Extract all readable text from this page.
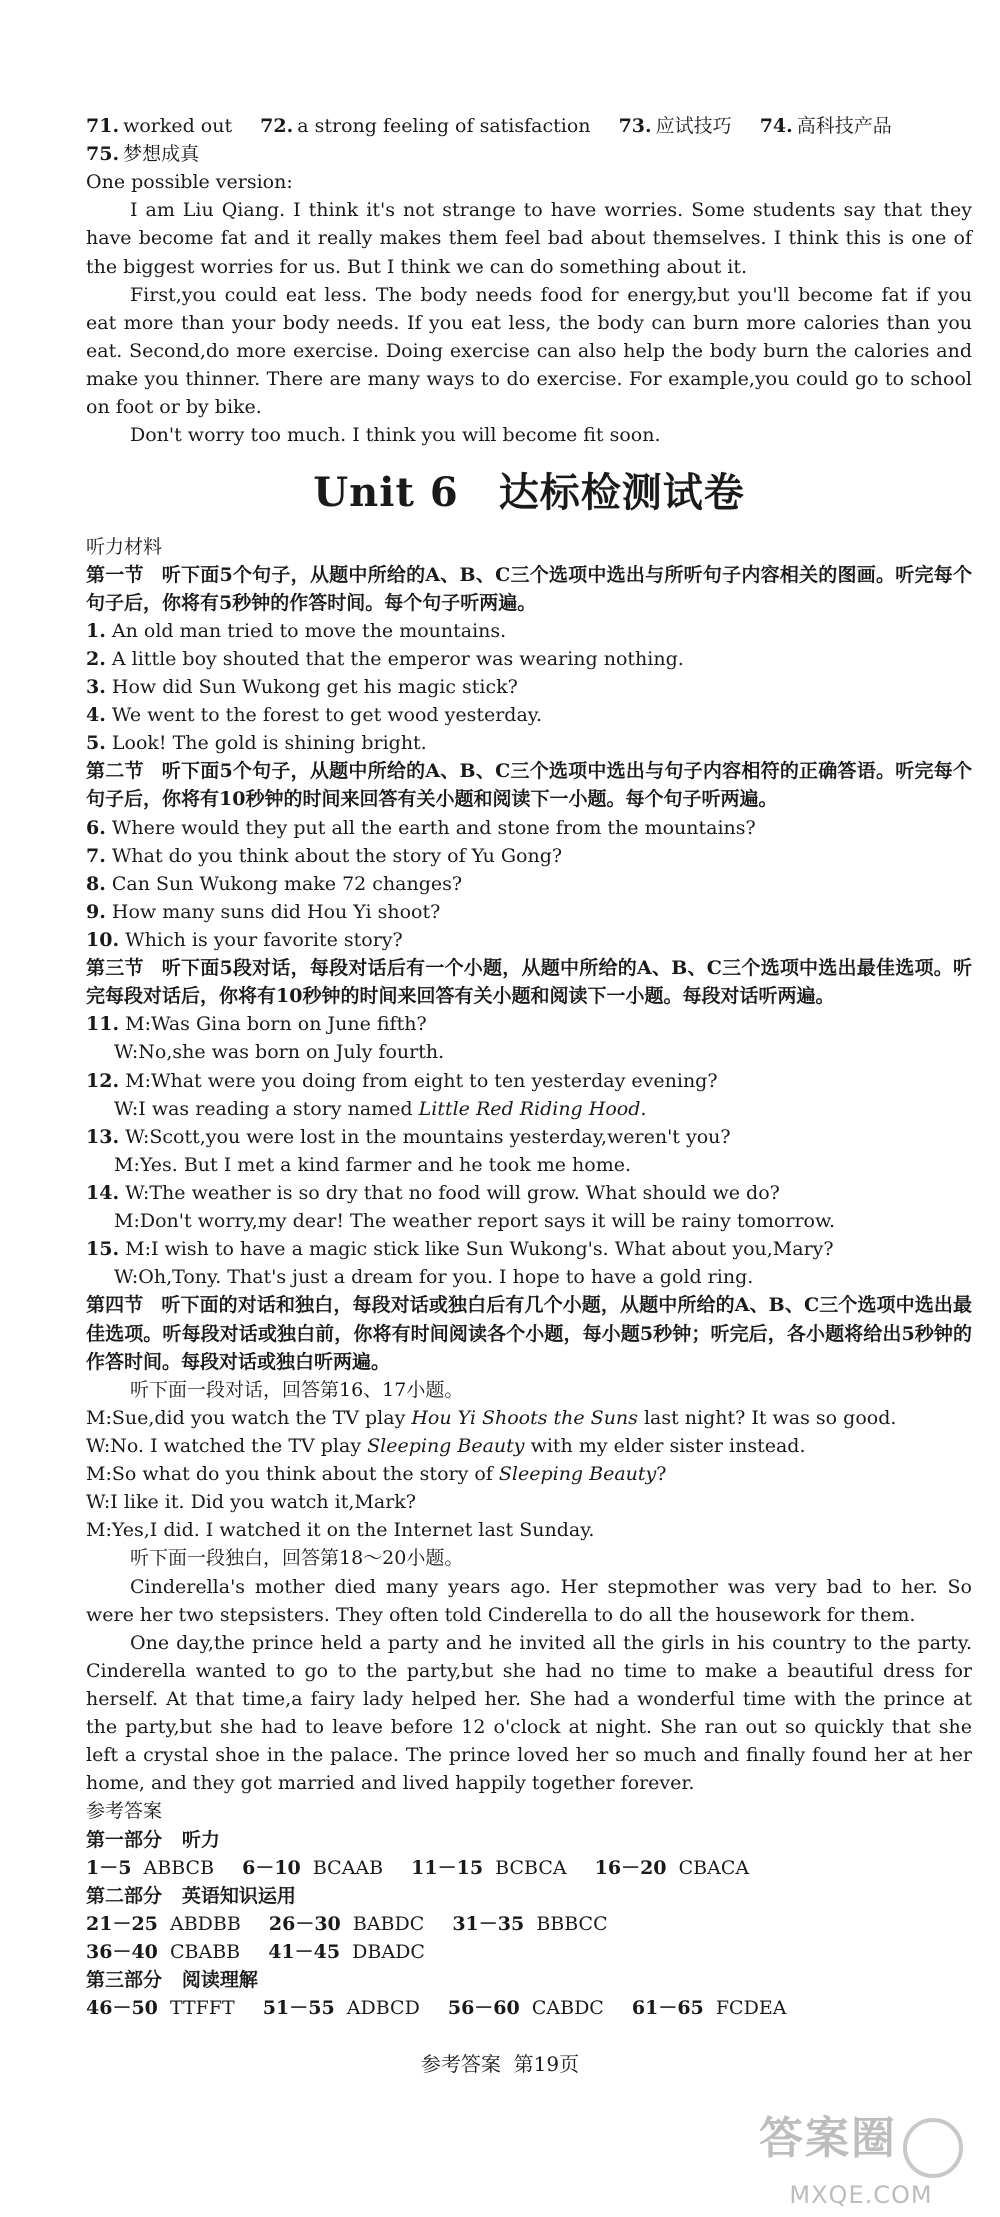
71. worked out 72. a strong feeling of satisfaction 73. 应试技巧 74. 高科技产品

75. 梦想成真

One possible version:

I am Liu Qiang. I think it's not strange to have worries. Some students say that they have become fat and it really makes them feel bad about themselves. I think this is one of the biggest worries for us. But I think we can do something about it.

First,you could eat less. The body needs food for energy,but you'll become fat if you eat more than your body needs. If you eat less, the body can burn more calories than you eat. Second,do more exercise. Doing exercise can also help the body burn the calories and make you thinner. There are many ways to do exercise. For example,you could go to school on foot or by bike.

Don't worry too much. I think you will become fit soon.

Unit 6 达标检测试卷

听力材料

第一节 听下面5个句子，从题中所给的A、B、C三个选项中选出与所听句子内容相关的图画。听完每个句子后，你将有5秒钟的作答时间。每个句子听两遍。

1. An old man tried to move the mountains.

2. A little boy shouted that the emperor was wearing nothing.

3. How did Sun Wukong get his magic stick?

4. We went to the forest to get wood yesterday.

5. Look! The gold is shining bright.

第二节 听下面5个句子，从题中所给的A、B、C三个选项中选出与句子内容相符的正确答语。听完每个句子后，你将有10秒钟的时间来回答有关小题和阅读下一小题。每个句子听两遍。

6. Where would they put all the earth and stone from the mountains?

7. What do you think about the story of Yu Gong?

8. Can Sun Wukong make 72 changes?

9. How many suns did Hou Yi shoot?

10. Which is your favorite story?

第三节 听下面5段对话，每段对话后有一个小题，从题中所给的A、B、C三个选项中选出最佳选项。听完每段对话后，你将有10秒钟的时间来回答有关小题和阅读下一小题。每段对话听两遍。

11. M:Was Gina born on June fifth?

W:No,she was born on July fourth.

12. M:What were you doing from eight to ten yesterday evening?

W:I was reading a story named Little Red Riding Hood.

13. W:Scott,you were lost in the mountains yesterday,weren't you?

M:Yes. But I met a kind farmer and he took me home.

14. W:The weather is so dry that no food will grow. What should we do?

M:Don't worry,my dear! The weather report says it will be rainy tomorrow.

15. M:I wish to have a magic stick like Sun Wukong's. What about you,Mary?

W:Oh,Tony. That's just a dream for you. I hope to have a gold ring.

第四节 听下面的对话和独白，每段对话或独白后有几个小题，从题中所给的A、B、C三个选项中选出最佳选项。听每段对话或独白前，你将有时间阅读各个小题，每小题5秒钟；听完后，各小题将给出5秒钟的作答时间。每段对话或独白听两遍。

听下面一段对话，回答第16、17小题。

M:Sue,did you watch the TV play Hou Yi Shoots the Suns last night? It was so good.

W:No. I watched the TV play Sleeping Beauty with my elder sister instead.

M:So what do you think about the story of Sleeping Beauty?

W:I like it. Did you watch it,Mark?

M:Yes,I did. I watched it on the Internet last Sunday.

听下面一段独白，回答第18～20小题。

Cinderella's mother died many years ago. Her stepmother was very bad to her. So were her two stepsisters. They often told Cinderella to do all the housework for them.

One day,the prince held a party and he invited all the girls in his country to the party. Cinderella wanted to go to the party,but she had no time to make a beautiful dress for herself. At that time,a fairy lady helped her. She had a wonderful time with the prince at the party,but she had to leave before 12 o'clock at night. She ran out so quickly that she left a crystal shoe in the palace. The prince loved her so much and finally found her at her home, and they got married and lived happily together forever.

参考答案

第一部分 听力

1－5 ABBCB 6－10 BCAAB 11－15 BCBCA 16－20 CBACA

第二部分 英语知识运用

21－25 ABDBB 26－30 BABDC 31－35 BBBCC

36－40 CBABB 41－45 DBADC

第三部分 阅读理解

46－50 TTFFT 51－55 ADBCD 56－60 CABDC 61－65 FCDEA

参考答案 第19页
答案圈
MXQE.COM
